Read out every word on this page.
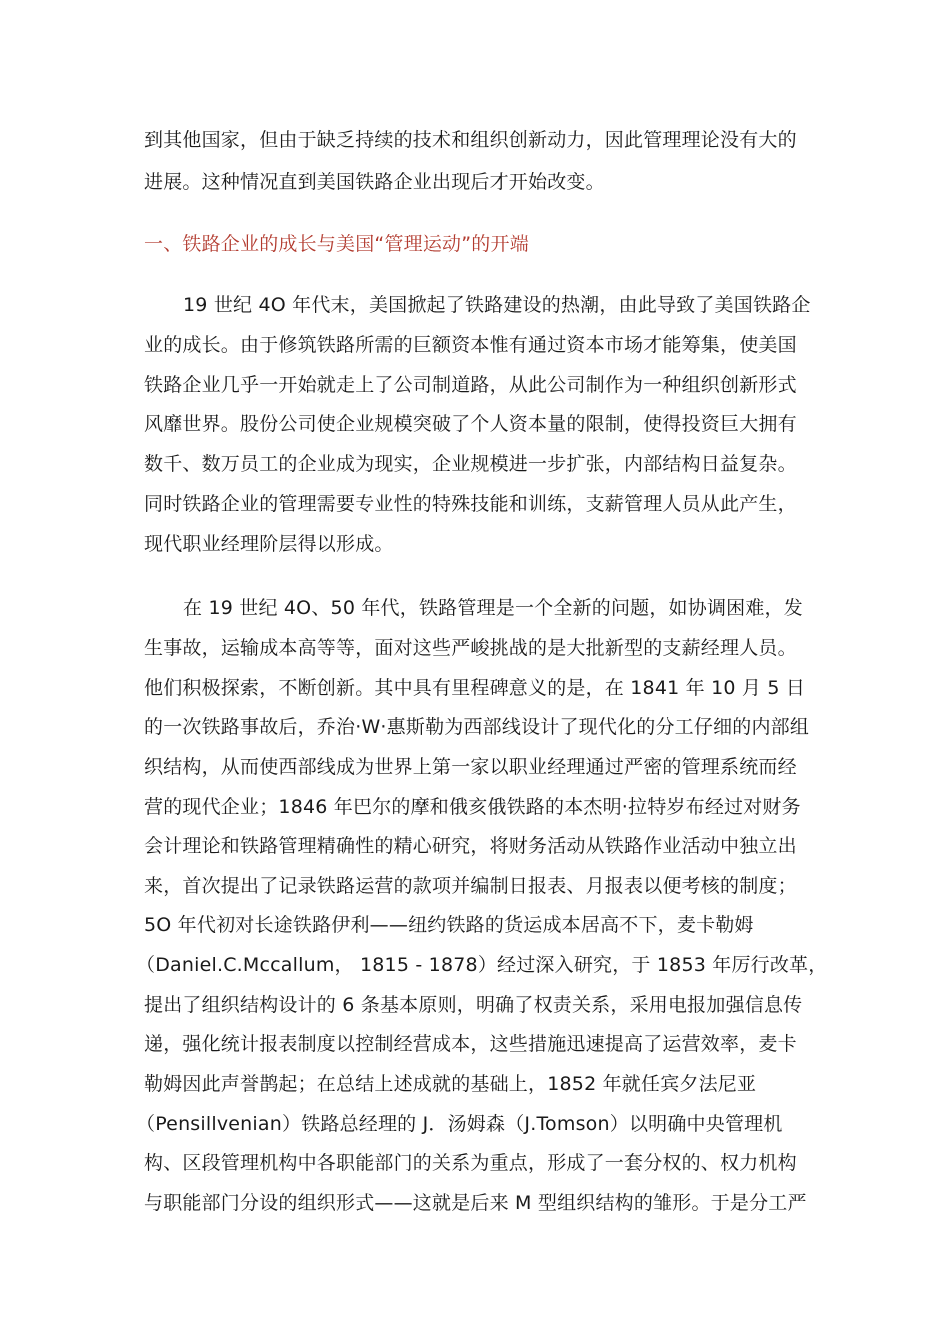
到其他国家，但由于缺乏持续的技术和组织创新动力，因此管理理论没有大的
进展。这种情况直到美国铁路企业出现后才开始改变。
一、铁路企业的成长与美国“管理运动”的开端
19 世纪 4O 年代末，美国掀起了铁路建设的热潮，由此导致了美国铁路企
业的成长。由于修筑铁路所需的巨额资本惟有通过资本市场才能筹集，使美国
铁路企业几乎一开始就走上了公司制道路，从此公司制作为一种组织创新形式
风靡世界。股份公司使企业规模突破了个人资本量的限制，使得投资巨大拥有
数千、数万员工的企业成为现实，企业规模进一步扩张，内部结构日益复杂。
同时铁路企业的管理需要专业性的特殊技能和训练，支薪管理人员从此产生，
现代职业经理阶层得以形成。
在 19 世纪 4O、50 年代，铁路管理是一个全新的问题，如协调困难，发
生事故，运输成本高等等，面对这些严峻挑战的是大批新型的支薪经理人员。
他们积极探索，不断创新。其中具有里程碑意义的是，在 1841 年 10 月 5 日
的一次铁路事故后，乔治·W·惠斯勒为西部线设计了现代化的分工仔细的内部组
织结构，从而使西部线成为世界上第一家以职业经理通过严密的管理系统而经
营的现代企业；1846 年巴尔的摩和俄亥俄铁路的本杰明·拉特岁布经过对财务
会计理论和铁路管理精确性的精心研究，将财务活动从铁路作业活动中独立出
来，首次提出了记录铁路运营的款项并编制日报表、月报表以便考核的制度；
5O 年代初对长途铁路伊利——纽约铁路的货运成本居高不下，麦卡勒姆
（Daniel.C.Mccallum， 1815 - 1878）经过深入研究，于 1853 年厉行改革，
提出了组织结构设计的 6 条基本原则，明确了权责关系，采用电报加强信息传
递，强化统计报表制度以控制经营成本，这些措施迅速提高了运营效率，麦卡
勒姆因此声誉鹊起；在总结上述成就的基础上，1852 年就任宾夕法尼亚
（Pensillvenian）铁路总经理的 J．汤姆森（J.Tomson）以明确中央管理机
构、区段管理机构中各职能部门的关系为重点，形成了一套分权的、权力机构
与职能部门分设的组织形式——这就是后来 M 型组织结构的雏形。于是分工严
